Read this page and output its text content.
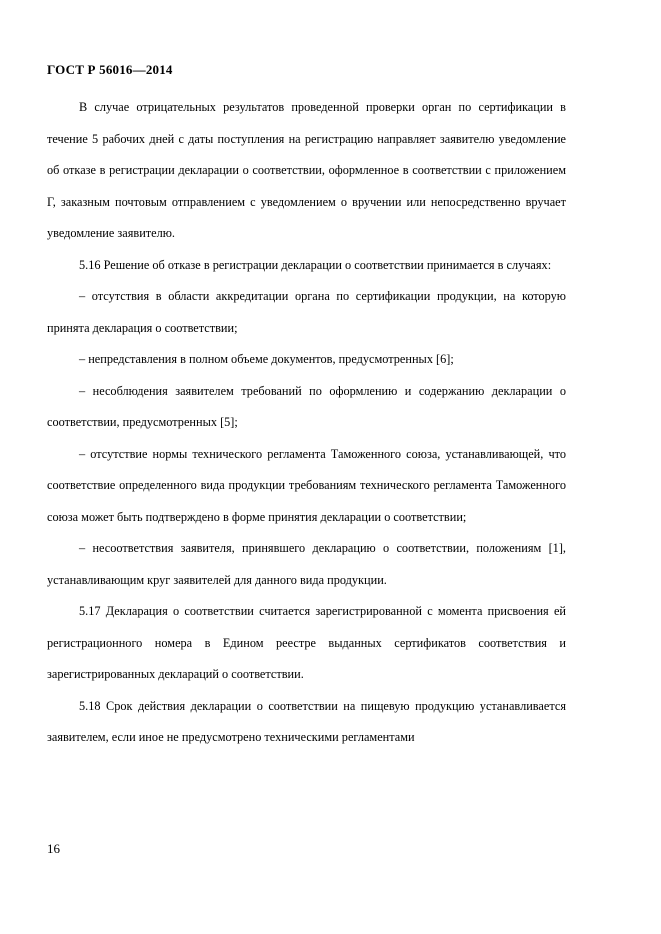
ГОСТ Р 56016—2014

В случае отрицательных результатов проведенной проверки орган по сертификации в течение 5 рабочих дней с даты поступления на регистрацию направляет заявителю уведомление об отказе в регистрации декларации о соответствии, оформленное в соответствии с приложением Г, заказным почтовым отправлением с уведомлением о вручении или непосредственно вручает уведомление заявителю.

5.16 Решение об отказе в регистрации декларации о соответствии принимается в случаях:

– отсутствия в области аккредитации органа по сертификации продукции, на которую принята декларация о соответствии;

– непредставления в полном объеме документов, предусмотренных [6];

– несоблюдения заявителем требований по оформлению и содержанию декларации о соответствии, предусмотренных [5];

– отсутствие нормы технического регламента Таможенного союза, устанавливающей, что соответствие определенного вида продукции требованиям технического регламента Таможенного союза может быть подтверждено в форме принятия декларации о соответствии;

– несоответствия заявителя, принявшего декларацию о соответствии, положениям [1], устанавливающим круг заявителей для данного вида продукции.

5.17 Декларация о соответствии считается зарегистрированной с момента присвоения ей регистрационного номера в Едином реестре выданных сертификатов соответствия и зарегистрированных деклараций о соответствии.

5.18 Срок действия декларации о соответствии на пищевую продукцию устанавливается заявителем, если иное не предусмотрено техническими регламентами

16
